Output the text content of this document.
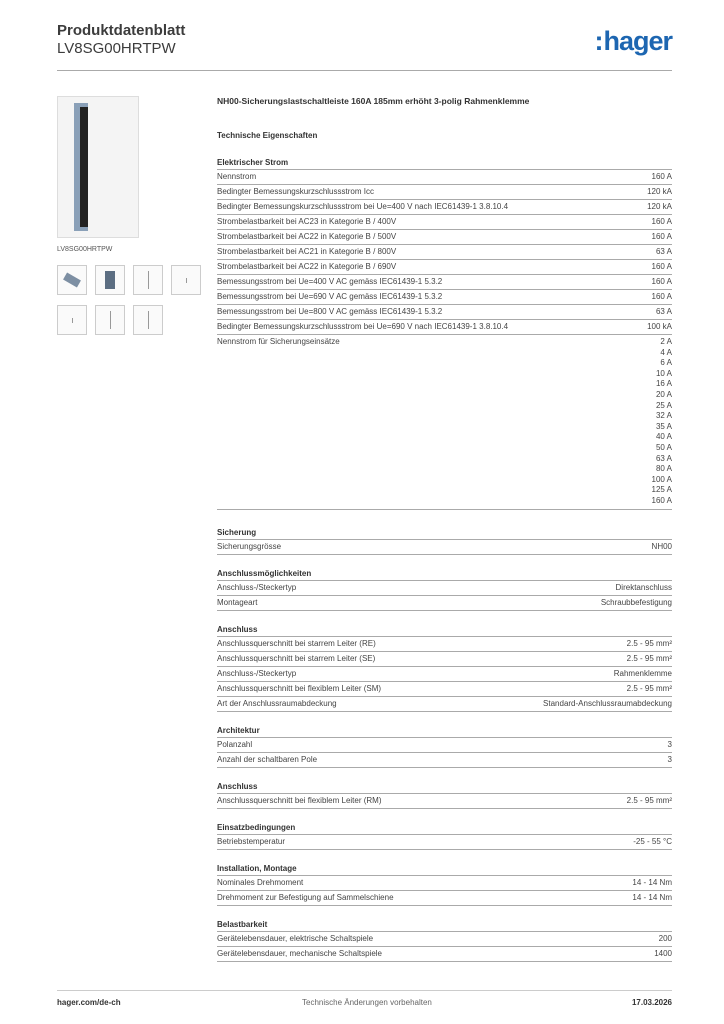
Produktdatenblatt
LV8SG00HRTPW	:hager
LV8SG00HRTPW
NH00-Sicherungslastschaltleiste 160A 185mm erhöht 3-polig Rahmenklemme
Technische Eigenschaften
Elektrischer Strom
Nennstrom	160 A
Bedingter Bemessungskurzschlussstrom Icc	120 kA
Bedingter Bemessungskurzschlussstrom bei Ue=400 V nach IEC61439-1 3.8.10.4	120 kA
Strombelastbarkeit bei AC23 in Kategorie B / 400V	160 A
Strombelastbarkeit bei AC22 in Kategorie B / 500V	160 A
Strombelastbarkeit bei AC21 in Kategorie B / 800V	63 A
Strombelastbarkeit bei AC22 in Kategorie B / 690V	160 A
Bemessungsstrom bei Ue=400 V AC gemäss IEC61439-1 5.3.2	160 A
Bemessungsstrom bei Ue=690 V AC gemäss IEC61439-1 5.3.2	160 A
Bemessungsstrom bei Ue=800 V AC gemäss IEC61439-1 5.3.2	63 A
Bedingter Bemessungskurzschlussstrom bei Ue=690 V nach IEC61439-1 3.8.10.4	100 kA
Nennstrom für Sicherungseinsätze	2 A
4 A
6 A
10 A
16 A
20 A
25 A
32 A
35 A
40 A
50 A
63 A
80 A
100 A
125 A
160 A
Sicherung
Sicherungsgrösse	NH00
Anschlussmöglichkeiten
Anschluss-/Steckertyp	Direktanschluss
Montageart	Schraubbefestigung
Anschluss
Anschlussquerschnitt bei starrem Leiter (RE)	2.5 - 95 mm²
Anschlussquerschnitt bei starrem Leiter (SE)	2.5 - 95 mm²
Anschluss-/Steckertyp	Rahmenklemme
Anschlussquerschnitt bei flexiblem Leiter (SM)	2.5 - 95 mm²
Art der Anschlussraumabdeckung	Standard-Anschlussraumabdeckung
Architektur
Polanzahl	3
Anzahl der schaltbaren Pole	3
Anschluss
Anschlussquerschnitt bei flexiblem Leiter (RM)	2.5 - 95 mm²
Einsatzbedingungen
Betriebstemperatur	-25 - 55 °C
Installation, Montage
Nominales Drehmoment	14 - 14 Nm
Drehmoment zur Befestigung auf Sammelschiene	14 - 14 Nm
Belastbarkeit
Gerätelebensdauer, elektrische Schaltspiele	200
Gerätelebensdauer, mechanische Schaltspiele	1400
hager.com/de-ch	Technische Änderungen vorbehalten	17.03.2026
